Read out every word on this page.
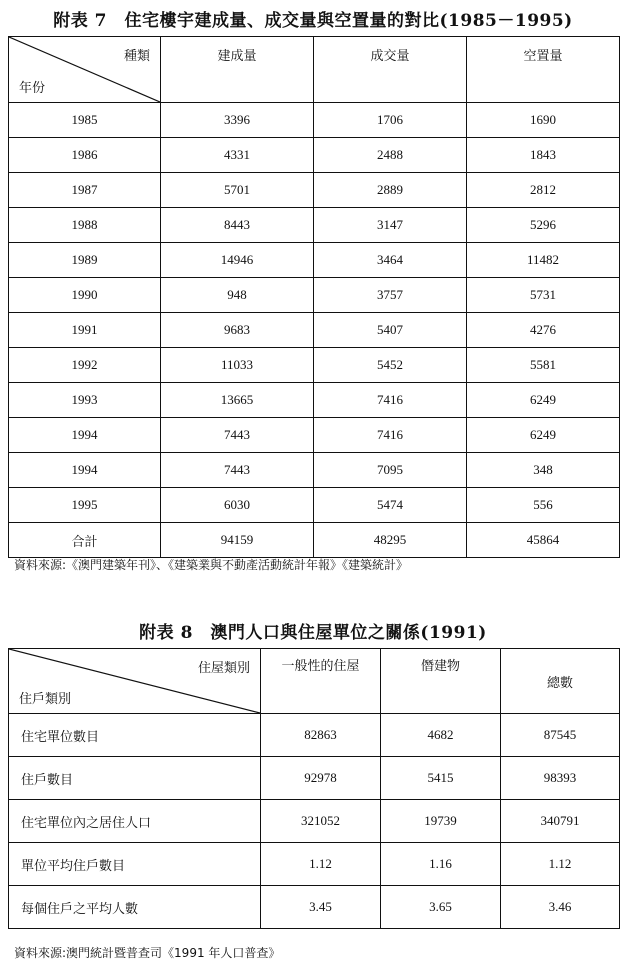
附表 7　住宅樓宇建成量、成交量與空置量的對比(1985－1995)
種類
年份	建成量	成交量	空置量
1985	3396	1706	1690
1986	4331	2488	1843
1987	5701	2889	2812
1988	8443	3147	5296
1989	14946	3464	11482
1990	948	3757	5731
1991	9683	5407	4276
1992	11033	5452	5581
1993	13665	7416	6249
1994	7443	7416	6249
1994	7443	7095	348
1995	6030	5474	556
合計	94159	48295	45864
資料來源:《澳門建築年刊》、《建築業與不動產活動統計年報》《建築統計》
附表 8　澳門人口與住屋單位之關係(1991)
住屋類別
住戶類別	一般性的住屋	僭建物	總數
住宅單位數目	82863	4682	87545
住戶數目	92978	5415	98393
住宅單位內之居住人口	321052	19739	340791
單位平均住戶數目	1.12	1.16	1.12
每個住戶之平均人數	3.45	3.65	3.46
資料來源:澳門統計暨普查司《1991 年人口普查》
